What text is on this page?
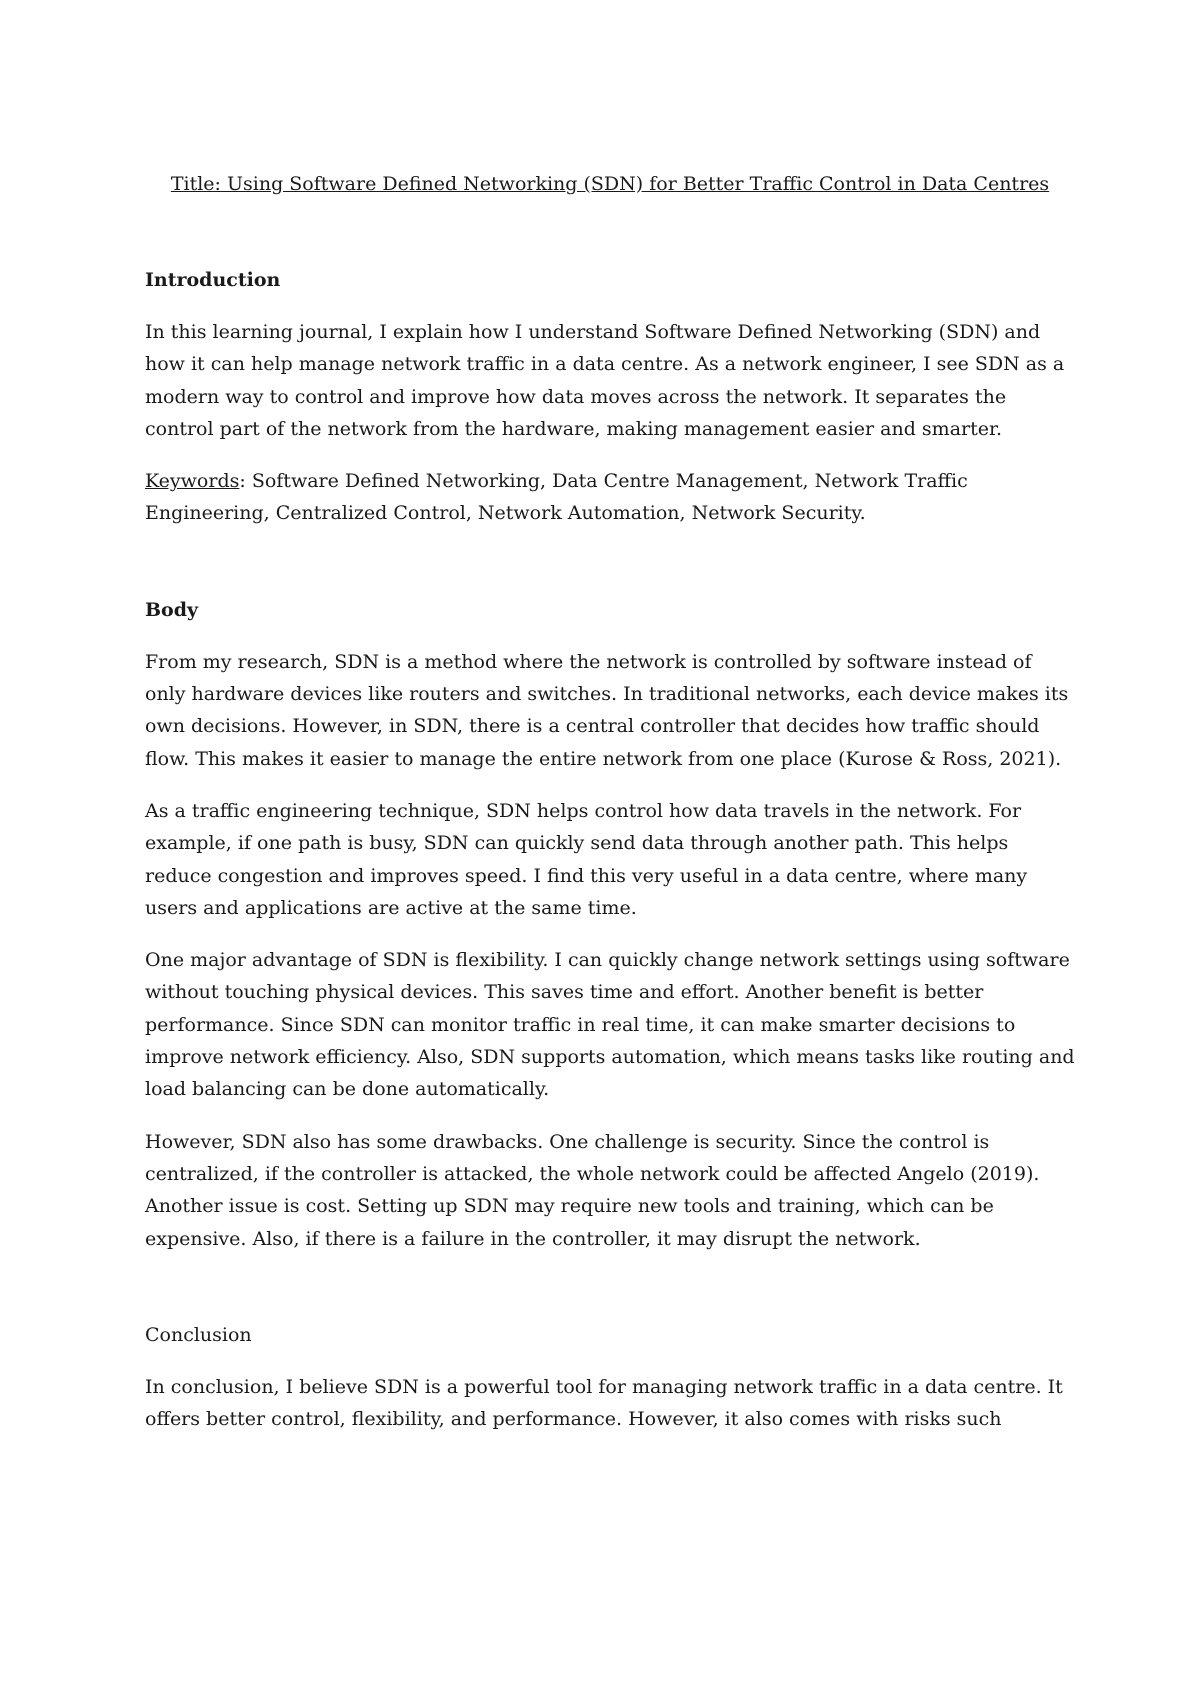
Title: Using Software Defined Networking (SDN) for Better Traffic Control in Data Centres
Introduction

In this learning journal, I explain how I understand Software Defined Networking (SDN) and how it can help manage network traffic in a data centre. As a network engineer, I see SDN as a modern way to control and improve how data moves across the network. It separates the control part of the network from the hardware, making management easier and smarter.

Keywords: Software Defined Networking, Data Centre Management, Network Traffic Engineering, Centralized Control, Network Automation, Network Security.

Body

From my research, SDN is a method where the network is controlled by software instead of only hardware devices like routers and switches. In traditional networks, each device makes its own decisions. However, in SDN, there is a central controller that decides how traffic should flow. This makes it easier to manage the entire network from one place (Kurose & Ross, 2021).

As a traffic engineering technique, SDN helps control how data travels in the network. For example, if one path is busy, SDN can quickly send data through another path. This helps reduce congestion and improves speed. I find this very useful in a data centre, where many users and applications are active at the same time.

One major advantage of SDN is flexibility. I can quickly change network settings using software without touching physical devices. This saves time and effort. Another benefit is better performance. Since SDN can monitor traffic in real time, it can make smarter decisions to improve network efficiency. Also, SDN supports automation, which means tasks like routing and load balancing can be done automatically.

However, SDN also has some drawbacks. One challenge is security. Since the control is centralized, if the controller is attacked, the whole network could be affected Angelo (2019). Another issue is cost. Setting up SDN may require new tools and training, which can be expensive. Also, if there is a failure in the controller, it may disrupt the network.

Conclusion

In conclusion, I believe SDN is a powerful tool for managing network traffic in a data centre. It offers better control, flexibility, and performance. However, it also comes with risks such
